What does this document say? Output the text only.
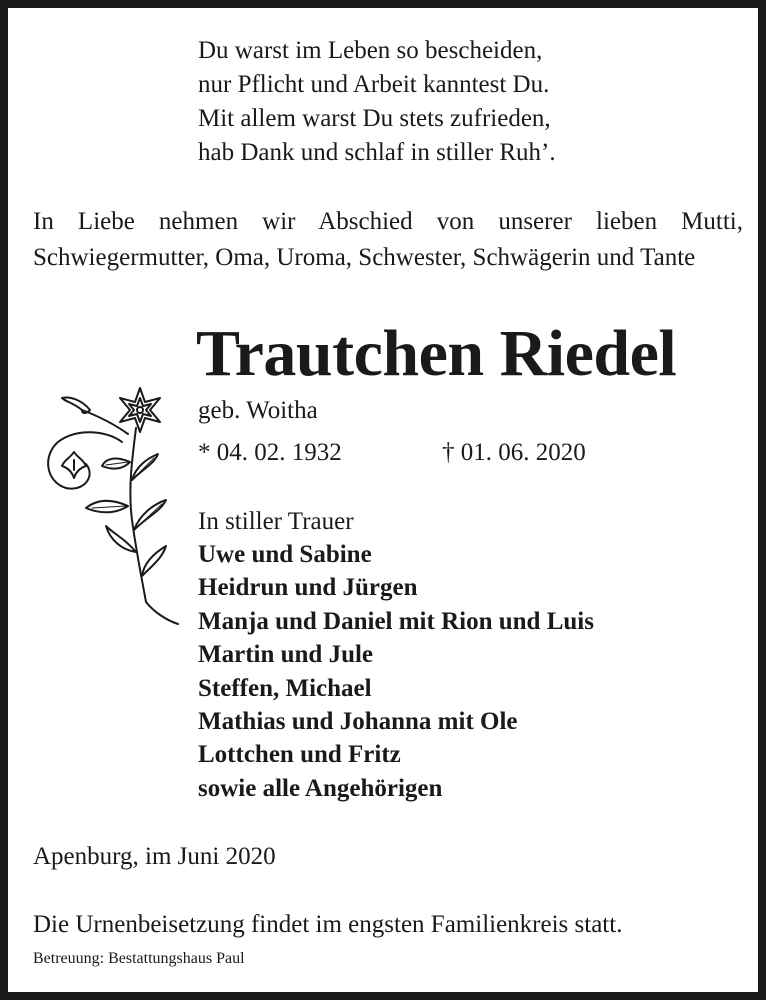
Du warst im Leben so bescheiden,
nur Pflicht und Arbeit kanntest Du.
Mit allem warst Du stets zufrieden,
hab Dank und schlaf in stiller Ruh’.
In Liebe nehmen wir Abschied von unserer lieben Mutti, Schwiegermutter, Oma, Uroma, Schwester, Schwägerin und Tante
Trautchen Riedel
geb. Woitha
* 04. 02. 1932	† 01. 06. 2020
In stiller Trauer
Uwe und Sabine
Heidrun und Jürgen
Manja und Daniel mit Rion und Luis
Martin und Jule
Steffen, Michael
Mathias und Johanna mit Ole
Lottchen und Fritz
sowie alle Angehörigen
Apenburg, im Juni 2020
Die Urnenbeisetzung findet im engsten Familienkreis statt.
Betreuung: Bestattungshaus Paul
